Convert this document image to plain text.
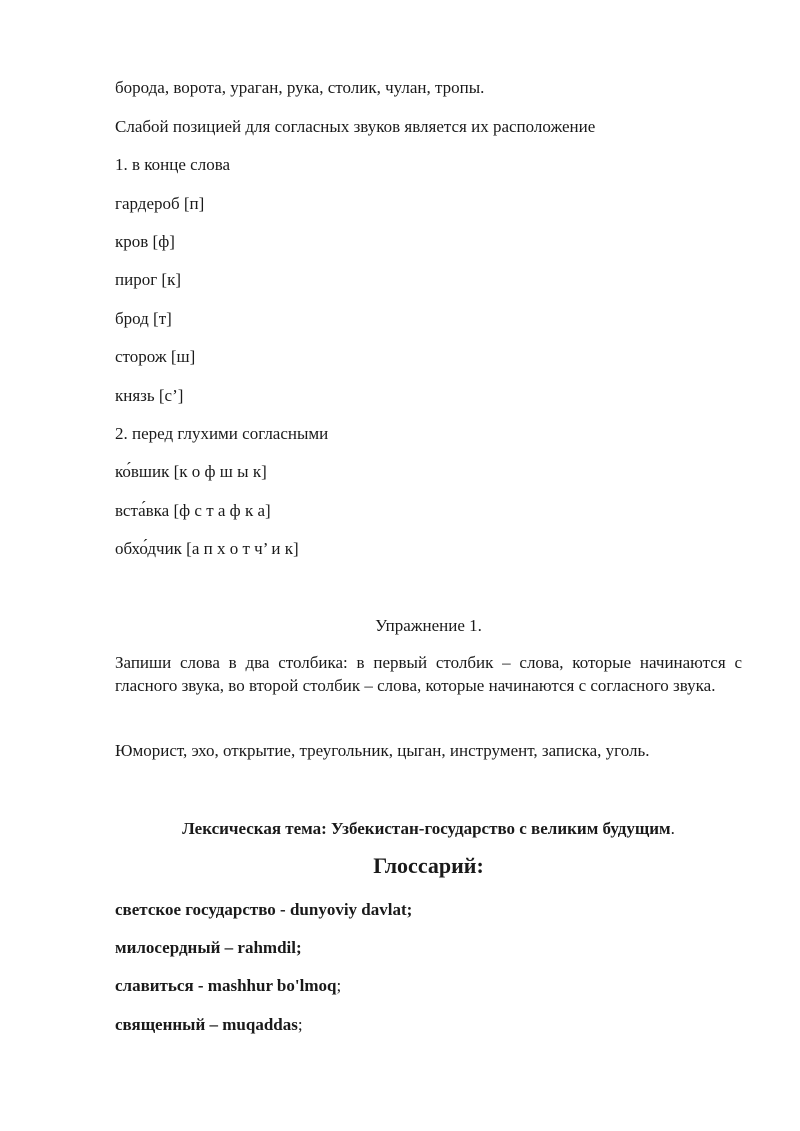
борода, ворота, ураган, рука, столик, чулан, тропы.
Слабой позицией для согласных звуков является их расположение
1. в конце слова
гардероб [п]
кров [ф]
пирог [к]
брод [т]
сторож [ш]
князь [с’]
2. перед глухими согласными
ко́вшик [к о ф ш ы к]
вста́вка [ф с т а ф к а]
обхо́дчик [а п х о т ч’ и к]
Упражнение 1.
Запиши слова в два столбика: в первый столбик – слова, которые начинаются с гласного звука, во второй столбик – слова, которые начинаются с согласного звука.
Юморист, эхо, открытие, треугольник, цыган, инструмент, записка, уголь.
Лексическая тема: Узбекистан-государство с великим будущим.
Глоссарий:
светское государство - dunyoviy davlat;
милосердный – rahmdil;
славиться - mashhur bo'lmoq;
священный – muqaddas;
